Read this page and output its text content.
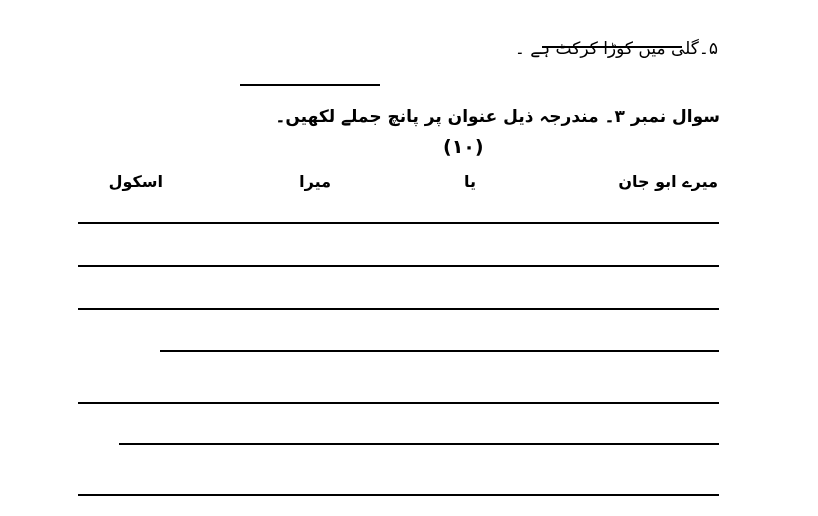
۵۔گلی میں کوڑا کرکٹ ہے ۔
سوال نمبر ۳۔ مندرجہ ذیل عنوان پر پانچ جملے لکھیں۔
(۱۰)
میرے ابو جان
یا
میرا
اسکول
